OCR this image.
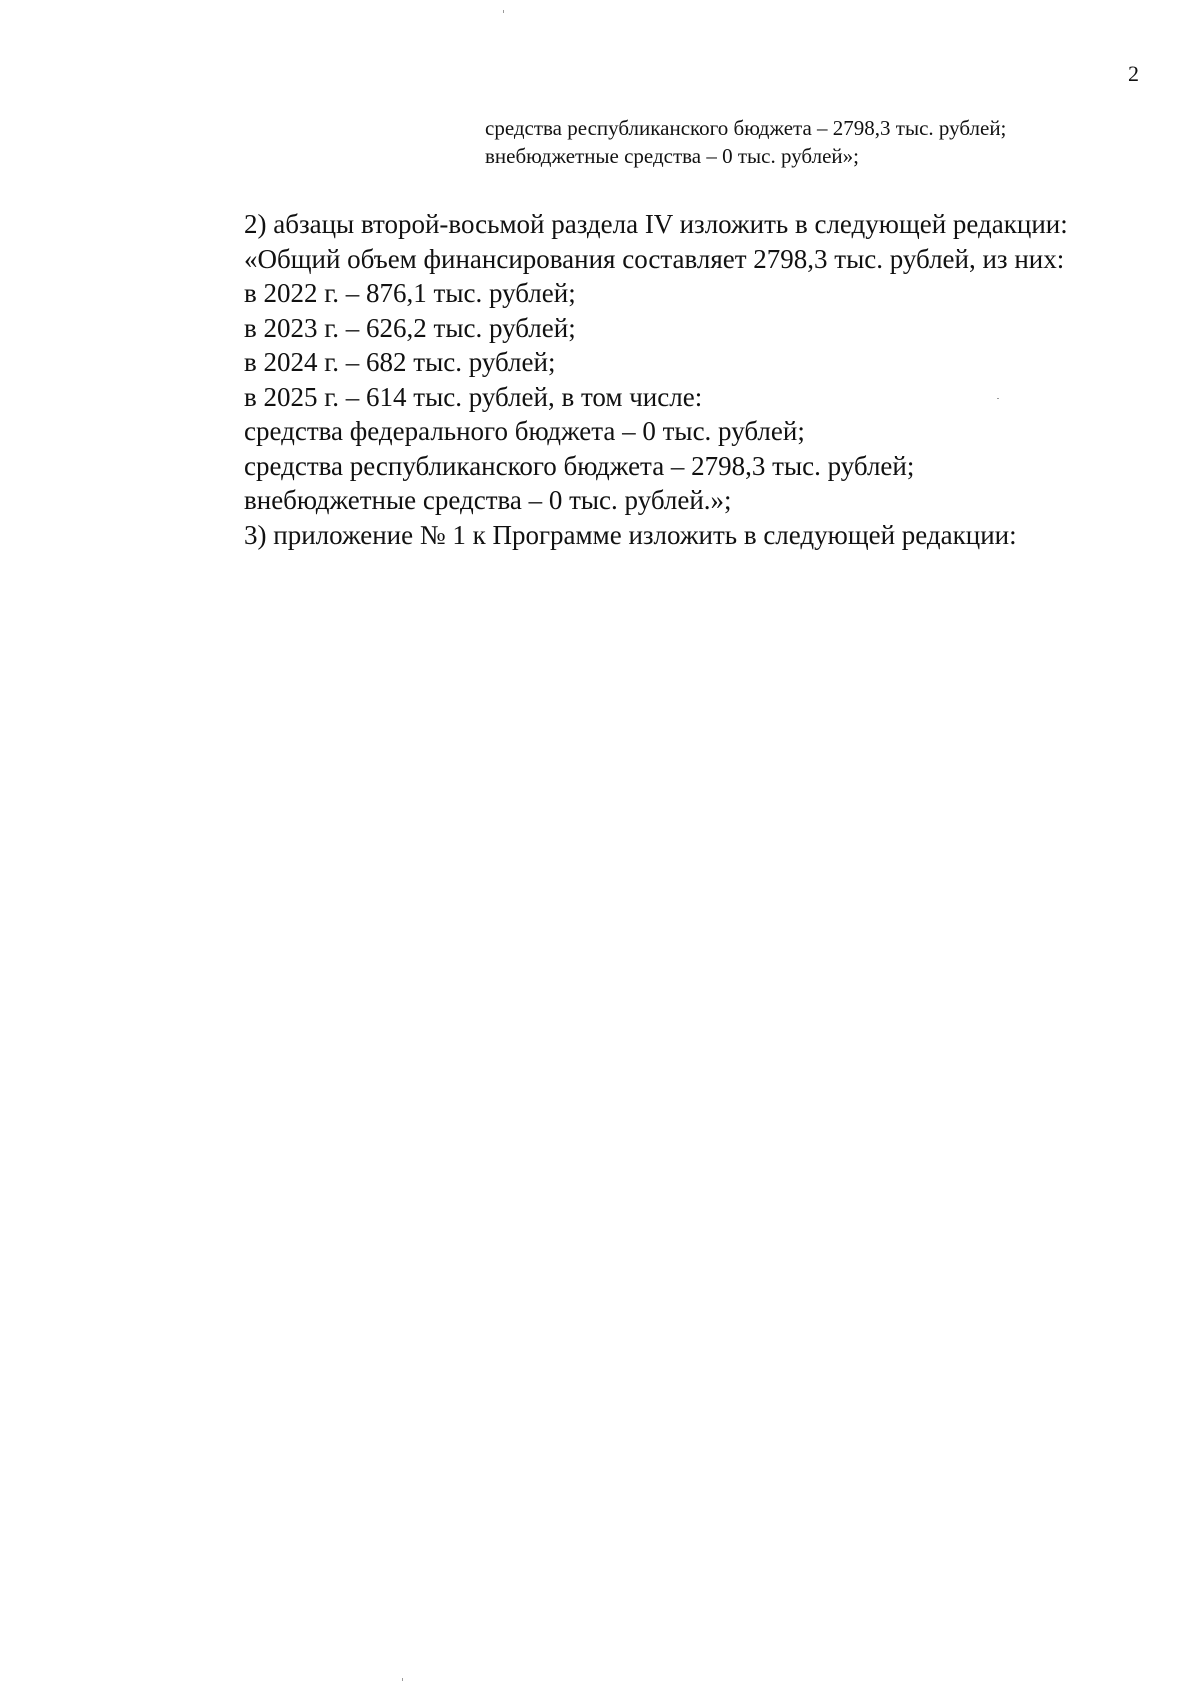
2
средства республиканского бюджета – 2798,3 тыс. рублей;
внебюджетные средства – 0 тыс. рублей»;
2) абзацы второй-восьмой раздела IV изложить в следующей редакции:
«Общий объем финансирования составляет 2798,3 тыс. рублей, из них:
в 2022 г. – 876,1 тыс. рублей;
в 2023 г. – 626,2 тыс. рублей;
в 2024 г. – 682 тыс. рублей;
в 2025 г. – 614 тыс. рублей, в том числе:
средства федерального бюджета – 0 тыс. рублей;
средства республиканского бюджета – 2798,3 тыс. рублей;
внебюджетные средства – 0 тыс. рублей.»;
3) приложение № 1 к Программе изложить в следующей редакции:
